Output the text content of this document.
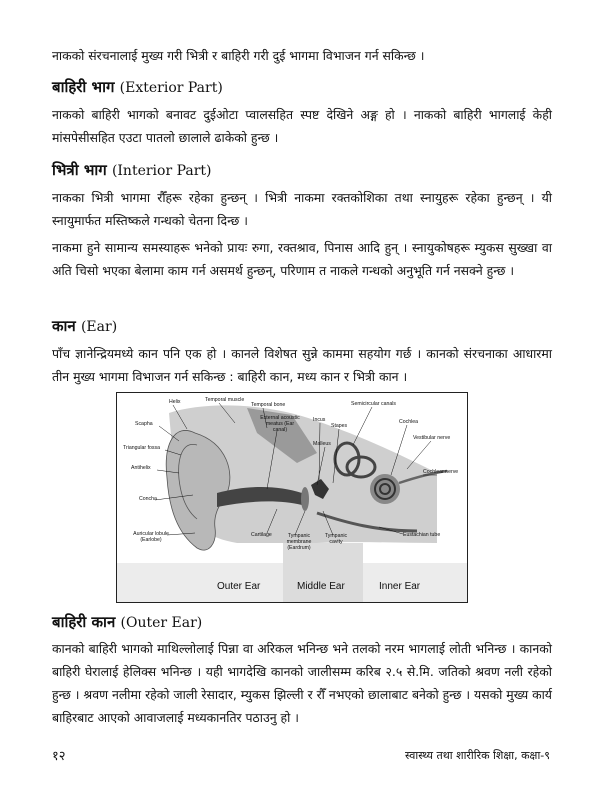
नाकको संरचनालाई मुख्य गरी भित्री र बाहिरी गरी दुई भागमा विभाजन गर्न सकिन्छ ।

बाहिरी भाग (Exterior Part)

नाकको बाहिरी भागको बनावट दुईओटा प्वालसहित स्पष्ट देखिने अङ्ग हो । नाकको बाहिरी भागलाई केही मांसपेसीसहित एउटा पातलो छालाले ढाकेको हुन्छ ।

भित्री भाग (Interior Part)

नाकका भित्री भागमा रौँहरू रहेका हुन्छन् । भित्री नाकमा रक्तकोशिका तथा स्नायुहरू रहेका हुन्छन् । यी स्नायुमार्फत मस्तिष्कले गन्धको चेतना दिन्छ ।

नाकमा हुने सामान्य समस्याहरू भनेको प्रायः रुगा, रक्तश्राव, पिनास आदि हुन् । स्नायुकोषहरू म्युकस सुख्खा वा अति चिसो भएका बेलामा काम गर्न असमर्थ हुन्छन्, परिणाम त नाकले गन्धको अनुभूति गर्न नसक्ने हुन्छ ।

कान (Ear)

पाँच ज्ञानेन्द्रियमध्ये कान पनि एक हो । कानले विशेषत सुन्ने काममा सहयोग गर्छ । कानको संरचनाका आधारमा तीन मुख्य भागमा विभाजन गर्न सकिन्छ : बाहिरी कान, मध्य कान र भित्री कान ।

Helix	Temporal muscle
Temporal bone
Scapha
External acoustic meatus (Ear canal)
Incus
Stapes
Malleus
Semicircular canals
Cochlea
Vestibular nerve
Cochlear nerve
Triangular fossa
Antihelix
Concha
Cartilage	Tympanic membrane (Eardrum)
Tympanic cavity
Eustachian tube
Auricular lobule (Earlobe)
Outer Ear	Middle Ear	Inner Ear
बाहिरी कान (Outer Ear)

कानको बाहिरी भागको माथिल्लोलाई पिन्ना वा अरिकल भनिन्छ भने तलको नरम भागलाई लोती भनिन्छ । कानको बाहिरी घेरालाई हेलिक्स भनिन्छ । यही भागदेखि कानको जालीसम्म करिब २.५ से.मि. जतिको श्रवण नली रहेको हुन्छ । श्रवण नलीमा रहेको जाली रेसादार, म्युकस झिल्ली र रौँ नभएको छालाबाट बनेको हुन्छ । यसको मुख्य कार्य बाहिरबाट आएको आवाजलाई मध्यकानतिर पठाउनु हो ।

१२	स्वास्थ्य तथा शारीरिक शिक्षा, कक्षा-९
